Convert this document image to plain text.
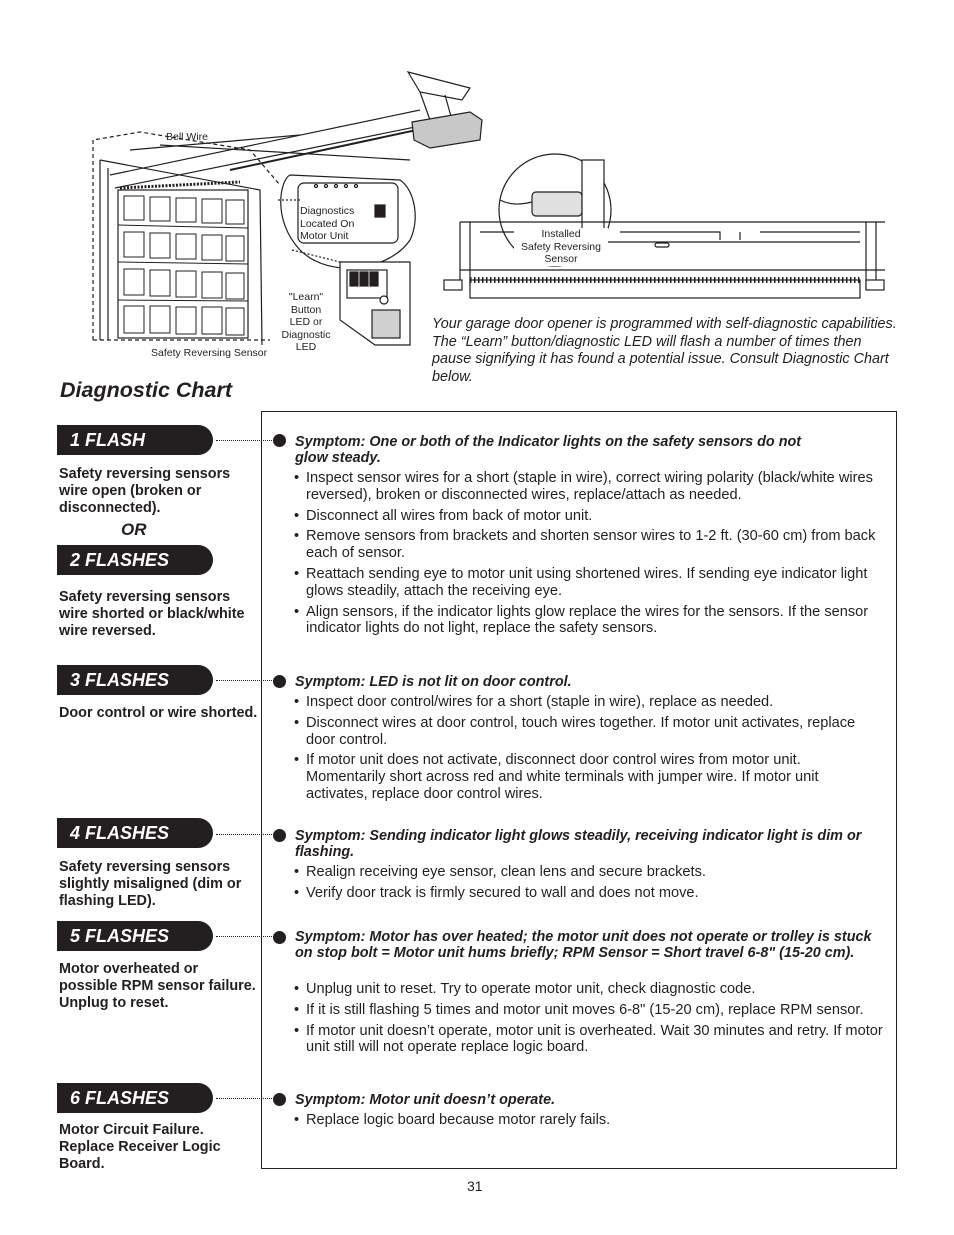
Bell Wire
Diagnostics
Located On
Motor Unit
"Learn"
Button
LED or
Diagnostic
LED
Safety Reversing Sensor
Installed
Safety Reversing
Sensor
Your garage door opener is programmed with self-diagnostic capabilities. The “Learn” button/diagnostic LED will flash a number of times then pause signifying it has found a potential issue. Consult Diagnostic Chart below.
Diagnostic Chart
1 FLASH
Safety reversing sensors wire open (broken or disconnected).
OR
2 FLASHES
Safety reversing sensors wire shorted or black/white wire reversed.
3 FLASHES
Door control or wire shorted.
4 FLASHES
Safety reversing sensors slightly misaligned (dim or flashing LED).
5 FLASHES
Motor overheated or possible RPM sensor failure. Unplug to reset.
6 FLASHES
Motor Circuit Failure. Replace Receiver Logic Board.
Symptom: One or both of the Indicator lights on the safety sensors do not glow steady.
• Inspect sensor wires for a short (staple in wire), correct wiring polarity (black/white wires reversed), broken or disconnected wires, replace/attach as needed.
• Disconnect all wires from back of motor unit.
• Remove sensors from brackets and shorten sensor wires to 1-2 ft. (30-60 cm) from back each of sensor.
• Reattach sending eye to motor unit using shortened wires. If sending eye indicator light glows steadily, attach the receiving eye.
• Align sensors, if the indicator lights glow replace the wires for the sensors. If the sensor indicator lights do not light, replace the safety sensors.
Symptom: LED is not lit on door control.
• Inspect door control/wires for a short (staple in wire), replace as needed.
• Disconnect wires at door control, touch wires together. If motor unit activates, replace door control.
• If motor unit does not activate, disconnect door control wires from motor unit. Momentarily short across red and white terminals with jumper wire. If motor unit activates, replace door control wires.
Symptom: Sending indicator light glows steadily, receiving indicator light is dim or flashing.
• Realign receiving eye sensor, clean lens and secure brackets.
• Verify door track is firmly secured to wall and does not move.
Symptom: Motor has over heated; the motor unit does not operate or trolley is stuck on stop bolt = Motor unit hums briefly; RPM Sensor = Short travel 6-8" (15-20 cm).
• Unplug unit to reset. Try to operate motor unit, check diagnostic code.
• If it is still flashing 5 times and motor unit moves 6-8" (15-20 cm), replace RPM sensor.
• If motor unit doesn’t operate, motor unit is overheated. Wait 30 minutes and retry. If motor unit still will not operate replace logic board.
Symptom: Motor unit doesn’t operate.
• Replace logic board because motor rarely fails.
31
